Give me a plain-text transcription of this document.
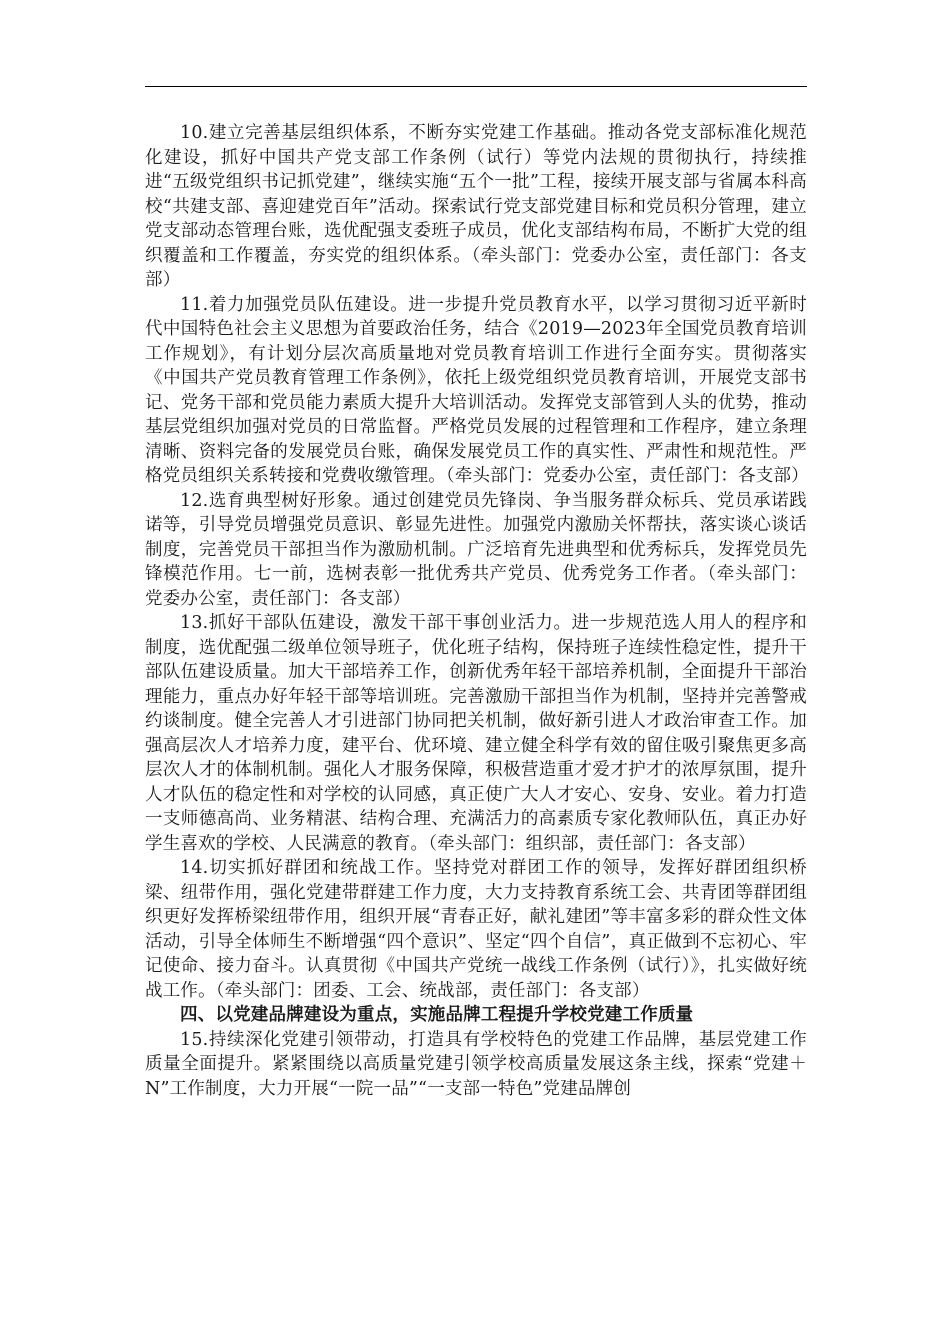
10.建立完善基层组织体系，不断夯实党建工作基础。推动各党支部标准化规范化建设，抓好中国共产党支部工作条例（试行）等党内法规的贯彻执行，持续推进“五级党组织书记抓党建”，继续实施“五个一批”工程，接续开展支部与省属本科高校“共建支部、喜迎建党百年”活动。探索试行党支部党建目标和党员积分管理，建立党支部动态管理台账，选优配强支委班子成员，优化支部结构布局，不断扩大党的组织覆盖和工作覆盖，夯实党的组织体系。（牵头部门：党委办公室，责任部门：各支部）

11.着力加强党员队伍建设。进一步提升党员教育水平，以学习贯彻习近平新时代中国特色社会主义思想为首要政治任务，结合《2019—2023年全国党员教育培训工作规划》，有计划分层次高质量地对党员教育培训工作进行全面夯实。贯彻落实《中国共产党员教育管理工作条例》，依托上级党组织党员教育培训，开展党支部书记、党务干部和党员能力素质大提升大培训活动。发挥党支部管到人头的优势，推动基层党组织加强对党员的日常监督。严格党员发展的过程管理和工作程序，建立条理清晰、资料完备的发展党员台账，确保发展党员工作的真实性、严肃性和规范性。严格党员组织关系转接和党费收缴管理。（牵头部门：党委办公室，责任部门：各支部）

12.选育典型树好形象。通过创建党员先锋岗、争当服务群众标兵、党员承诺践诺等，引导党员增强党员意识、彰显先进性。加强党内激励关怀帮扶，落实谈心谈话制度，完善党员干部担当作为激励机制。广泛培育先进典型和优秀标兵，发挥党员先锋模范作用。七一前，选树表彰一批优秀共产党员、优秀党务工作者。（牵头部门：党委办公室，责任部门：各支部）

13.抓好干部队伍建设，激发干部干事创业活力。进一步规范选人用人的程序和制度，选优配强二级单位领导班子，优化班子结构，保持班子连续性稳定性，提升干部队伍建设质量。加大干部培养工作，创新优秀年轻干部培养机制，全面提升干部治理能力，重点办好年轻干部等培训班。完善激励干部担当作为机制，坚持并完善警戒约谈制度。健全完善人才引进部门协同把关机制，做好新引进人才政治审查工作。加强高层次人才培养力度，建平台、优环境、建立健全科学有效的留住吸引聚焦更多高层次人才的体制机制。强化人才服务保障，积极营造重才爱才护才的浓厚氛围，提升人才队伍的稳定性和对学校的认同感，真正使广大人才安心、安身、安业。着力打造一支师德高尚、业务精湛、结构合理、充满活力的高素质专家化教师队伍，真正办好学生喜欢的学校、人民满意的教育。（牵头部门：组织部，责任部门：各支部）

14.切实抓好群团和统战工作。坚持党对群团工作的领导，发挥好群团组织桥梁、纽带作用，强化党建带群建工作力度，大力支持教育系统工会、共青团等群团组织更好发挥桥梁纽带作用，组织开展“青春正好，献礼建团”等丰富多彩的群众性文体活动，引导全体师生不断增强“四个意识”、坚定“四个自信”，真正做到不忘初心、牢记使命、接力奋斗。认真贯彻《中国共产党统一战线工作条例（试行）》，扎实做好统战工作。（牵头部门：团委、工会、统战部，责任部门：各支部）

四、以党建品牌建设为重点，实施品牌工程提升学校党建工作质量

15.持续深化党建引领带动，打造具有学校特色的党建工作品牌，基层党建工作质量全面提升。紧紧围绕以高质量党建引领学校高质量发展这条主线，探索“党建＋N”工作制度，大力开展“一院一品”“一支部一特色”党建品牌创
